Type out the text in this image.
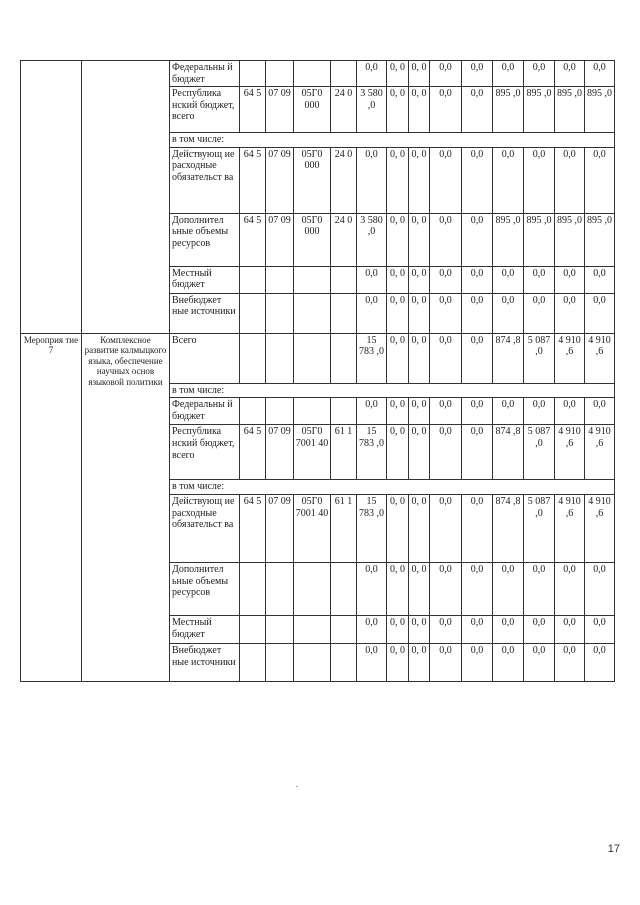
		Федеральны й бюджет					0,0	0, 0	0, 0	0,0	0,0	0,0	0,0	0,0	0,0
		Республика нский бюджет, всего	64 5	07 09	05Г0 000	24 0	3 580 ,0	0, 0	0, 0	0,0	0,0	895 ,0	895 ,0	895 ,0	895 ,0
		в том числе:													
		Действующ ие расходные обязательст ва	64 5	07 09	05Г0 000	24 0	0,0	0, 0	0, 0	0,0	0,0	0,0	0,0	0,0	0,0
		Дополнител ьные объемы ресурсов	64 5	07 09	05Г0 000	24 0	3 580 ,0	0, 0	0, 0	0,0	0,0	895 ,0	895 ,0	895 ,0	895 ,0
		Местный бюджет					0,0	0, 0	0, 0	0,0	0,0	0,0	0,0	0,0	0,0
		Внебюджет ные источники					0,0	0, 0	0, 0	0,0	0,0	0,0	0,0	0,0	0,0
Мероприя тие 7	Комплексное развитие калмыцкого языка, обеспечение научных основ языковой политики	Всего					15 783 ,0	0, 0	0, 0	0,0	0,0	874 ,8	5 087 ,0	4 910 ,6	4 910 ,6
		в том числе:													
		Федеральны й бюджет					0,0	0, 0	0, 0	0,0	0,0	0,0	0,0	0,0	0,0
		Республика нский бюджет, всего	64 5	07 09	05Г0 7001 40	61 1	15 783 ,0	0, 0	0, 0	0,0	0,0	874 ,8	5 087 ,0	4 910 ,6	4 910 ,6
		в том числе:													
		Действующ ие расходные обязательст ва	64 5	07 09	05Г0 7001 40	61 1	15 783 ,0	0, 0	0, 0	0,0	0,0	874 ,8	5 087 ,0	4 910 ,6	4 910 ,6
		Дополнител ьные объемы ресурсов					0,0	0, 0	0, 0	0,0	0,0	0,0	0,0	0,0	0,0
		Местный бюджет					0,0	0, 0	0, 0	0,0	0,0	0,0	0,0	0,0	0,0
		Внебюджет ные источники					0,0	0, 0	0, 0	0,0	0,0	0,0	0,0	0,0	0,0
17
